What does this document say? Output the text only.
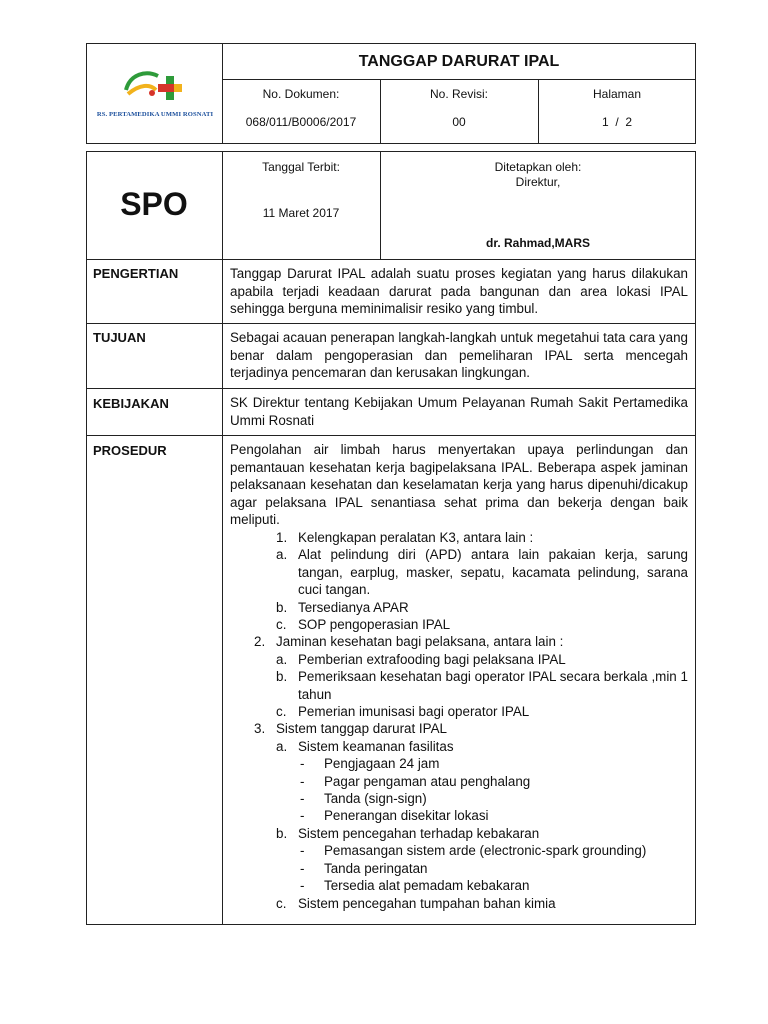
RS. PERTAMEDIKA UMMI ROSNATI
TANGGAP DARURAT IPAL
No. Dokumen:
068/011/B0006/2017
No. Revisi:
00
Halaman
1  /  2
SPO
Tanggal Terbit:
11 Maret 2017
Ditetapkan oleh:
Direktur,
dr. Rahmad,MARS
PENGERTIAN	Tanggap Darurat IPAL adalah suatu proses kegiatan yang harus dilakukan apabila terjadi keadaan darurat pada bangunan dan area lokasi IPAL sehingga berguna meminimalisir resiko yang timbul.
TUJUAN	Sebagai acauan penerapan langkah-langkah untuk megetahui tata cara yang benar dalam pengoperasian dan pemeliharan IPAL serta mencegah terjadinya pencemaran dan kerusakan lingkungan.
KEBIJAKAN	SK Direktur tentang Kebijakan Umum Pelayanan Rumah Sakit Pertamedika Ummi Rosnati
PROSEDUR	Pengolahan air limbah harus menyertakan upaya perlindungan dan pemantauan kesehatan kerja bagipelaksana IPAL. Beberapa aspek jaminan pelaksanaan kesehatan dan keselamatan kerja yang harus dipenuhi/dicakup agar pelaksana IPAL senantiasa sehat prima dan bekerja dengan baik meliputi.
1. Kelengkapan peralatan K3, antara lain :
a. Alat pelindung diri (APD) antara lain pakaian kerja, sarung tangan, earplug, masker, sepatu, kacamata pelindung, sarana cuci tangan.
b. Tersedianya APAR
c. SOP pengoperasian IPAL
2. Jaminan kesehatan bagi pelaksana, antara lain :
a. Pemberian extrafooding bagi pelaksana IPAL
b. Pemeriksaan kesehatan bagi operator IPAL secara berkala ,min 1 tahun
c. Pemerian imunisasi bagi operator IPAL
3. Sistem tanggap darurat IPAL
a. Sistem keamanan fasilitas
- Pengjagaan 24 jam
- Pagar pengaman atau penghalang
- Tanda (sign-sign)
- Penerangan disekitar lokasi
b. Sistem pencegahan terhadap kebakaran
- Pemasangan sistem arde (electronic-spark grounding)
- Tanda peringatan
- Tersedia alat pemadam kebakaran
c. Sistem pencegahan tumpahan bahan kimia
